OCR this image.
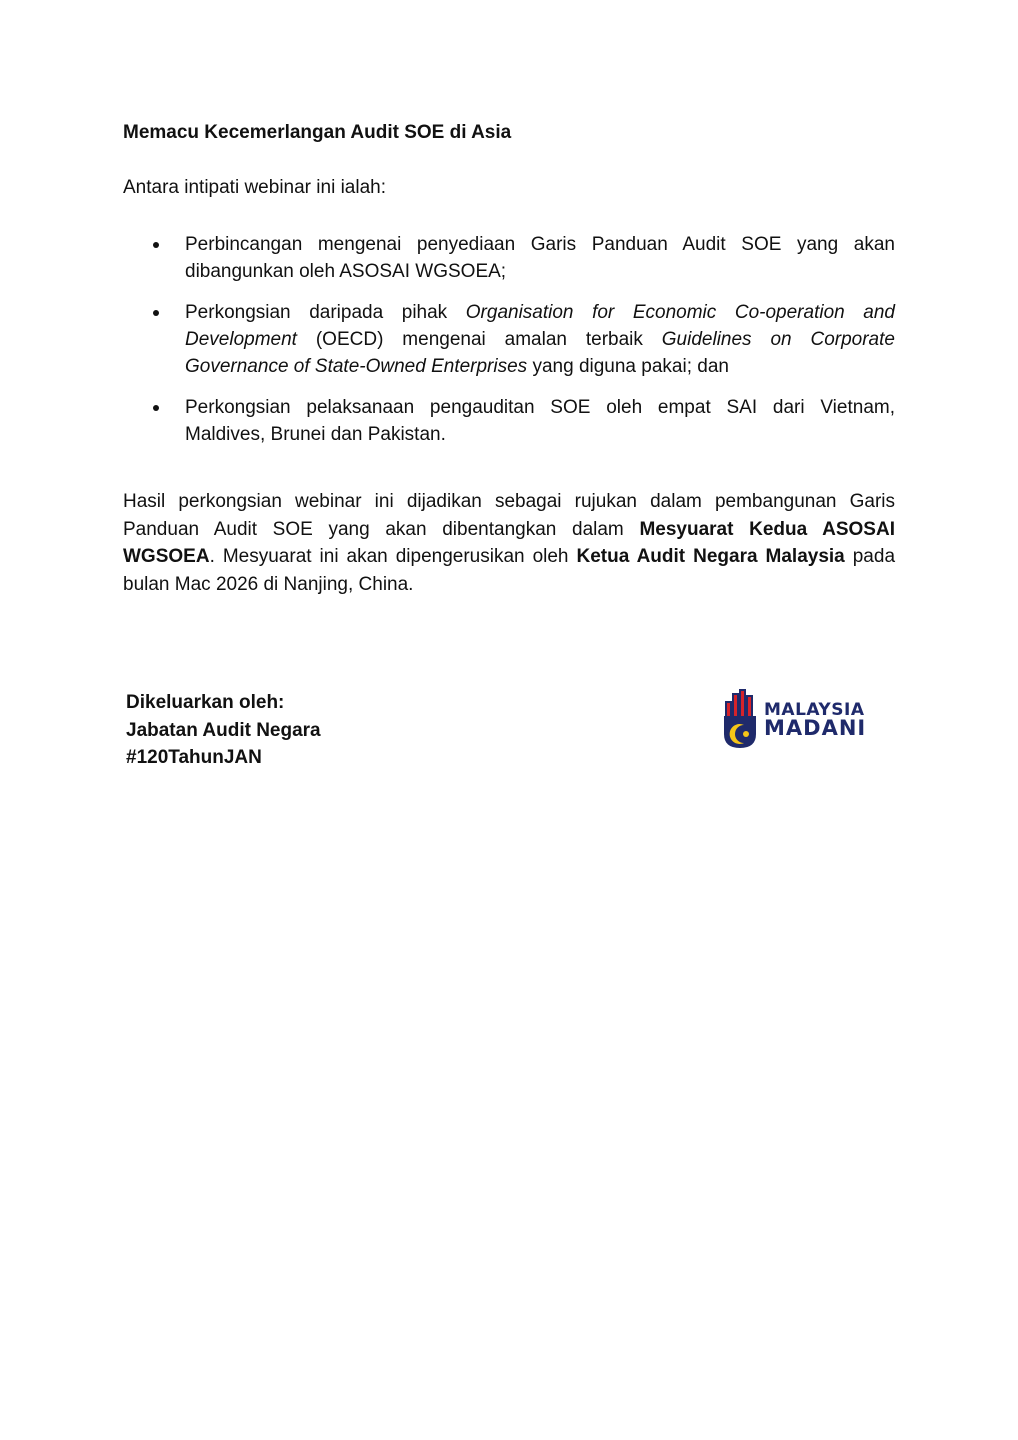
Memacu Kecemerlangan Audit SOE di Asia

Antara intipati webinar ini ialah:

Perbincangan mengenai penyediaan Garis Panduan Audit SOE yang akan dibangunkan oleh ASOSAI WGSOEA;
Perkongsian daripada pihak Organisation for Economic Co-operation and Development (OECD) mengenai amalan terbaik Guidelines on Corporate Governance of State-Owned Enterprises yang diguna pakai; dan
Perkongsian pelaksanaan pengauditan SOE oleh empat SAI dari Vietnam, Maldives, Brunei dan Pakistan.

Hasil perkongsian webinar ini dijadikan sebagai rujukan dalam pembangunan Garis Panduan Audit SOE yang akan dibentangkan dalam Mesyuarat Kedua ASOSAI WGSOEA. Mesyuarat ini akan dipengerusikan oleh Ketua Audit Negara Malaysia pada bulan Mac 2026 di Nanjing, China.

Dikeluarkan oleh:
Jabatan Audit Negara
#120TahunJAN
MALAYSIA
MADANI
